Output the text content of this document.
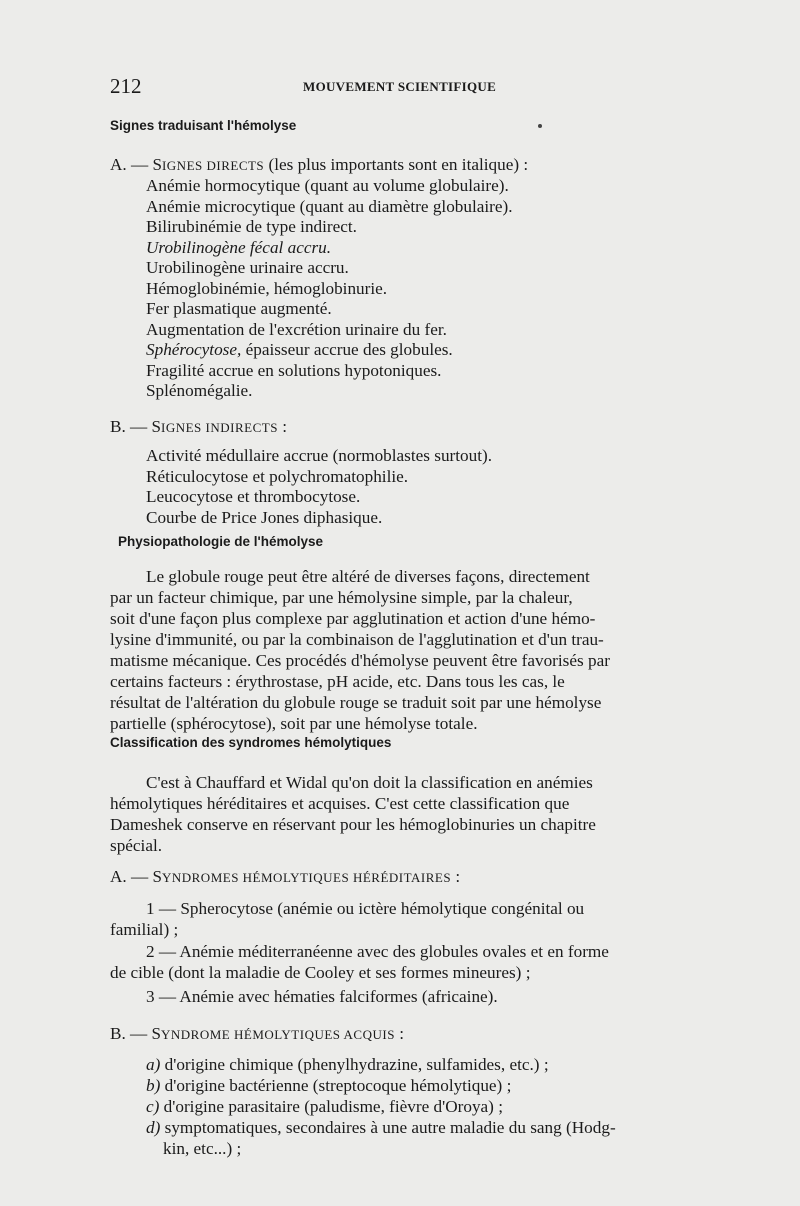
212	MOUVEMENT SCIENTIFIQUE
Signes traduisant l'hémolyse
A. — SIGNES DIRECTS (les plus importants sont en italique) :
Anémie hormocytique (quant au volume globulaire).
Anémie microcytique (quant au diamètre globulaire).
Bilirubinémie de type indirect.
Urobilinogène fécal accru.
Urobilinogène urinaire accru.
Hémoglobinémie, hémoglobinurie.
Fer plasmatique augmenté.
Augmentation de l'excrétion urinaire du fer.
Sphérocytose, épaisseur accrue des globules.
Fragilité accrue en solutions hypotoniques.
Splénomégalie.
B. — SIGNES INDIRECTS :
Activité médullaire accrue (normoblastes surtout).
Réticulocytose et polychromatophilie.
Leucocytose et thrombocytose.
Courbe de Price Jones diphasique.
Physiopathologie de l'hémolyse
Le globule rouge peut être altéré de diverses façons, directement
par un facteur chimique, par une hémolysine simple, par la chaleur,
soit d'une façon plus complexe par agglutination et action d'une hémo-
lysine d'immunité, ou par la combinaison de l'agglutination et d'un trau-
matisme mécanique. Ces procédés d'hémolyse peuvent être favorisés par
certains facteurs : érythrostase, pH acide, etc. Dans tous les cas, le
résultat de l'altération du globule rouge se traduit soit par une hémolyse
partielle (sphérocytose), soit par une hémolyse totale.
Classification des syndromes hémolytiques
C'est à Chauffard et Widal qu'on doit la classification en anémies
hémolytiques héréditaires et acquises. C'est cette classification que
Dameshek conserve en réservant pour les hémoglobinuries un chapitre
spécial.
A. — SYNDROMES HÉMOLYTIQUES HÉRÉDITAIRES :
1 — Spherocytose (anémie ou ictère hémolytique congénital ou
familial) ;
2 — Anémie méditerranéenne avec des globules ovales et en forme
de cible (dont la maladie de Cooley et ses formes mineures) ;
3 — Anémie avec hématies falciformes (africaine).
B. — SYNDROME HÉMOLYTIQUES ACQUIS :
a) d'origine chimique (phenylhydrazine, sulfamides, etc.) ;
b) d'origine bactérienne (streptocoque hémolytique) ;
c) d'origine parasitaire (paludisme, fièvre d'Oroya) ;
d) symptomatiques, secondaires à une autre maladie du sang (Hodg-
kin, etc...) ;
